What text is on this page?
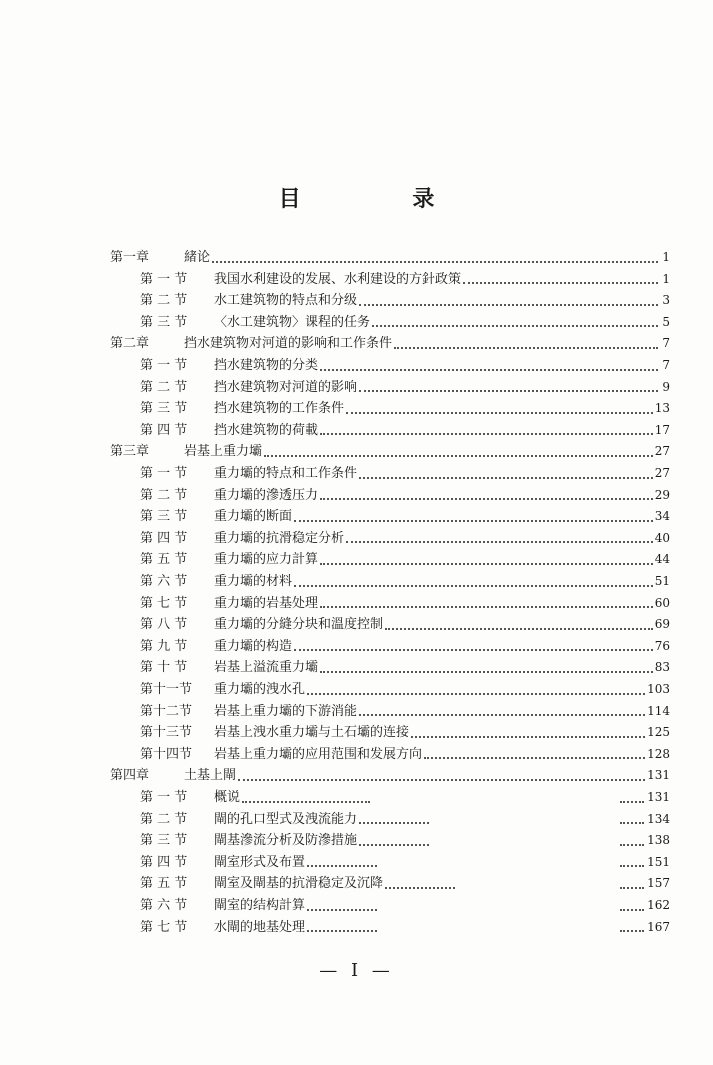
目 录
第一章	緒论	1
第 一 节	我国水利建设的发展、水利建设的方針政策	1
第 二 节	水工建筑物的特点和分级	3
第 三 节	〈水工建筑物〉课程的任务	5
第二章	挡水建筑物对河道的影响和工作条件	7
第 一 节	挡水建筑物的分类	7
第 二 节	挡水建筑物对河道的影响	9
第 三 节	挡水建筑物的工作条件	13
第 四 节	挡水建筑物的荷載	17
第三章	岩基上重力壩	27
第 一 节	重力壩的特点和工作条件	27
第 二 节	重力壩的滲透压力	29
第 三 节	重力壩的断面	34
第 四 节	重力壩的抗滑稳定分析	40
第 五 节	重力壩的应力計算	44
第 六 节	重力壩的材料	51
第 七 节	重力壩的岩基处理	60
第 八 节	重力壩的分縫分块和溫度控制	69
第 九 节	重力壩的构造	76
第 十 节	岩基上溢流重力壩	83
第十一节	重力壩的洩水孔	103
第十二节	岩基上重力壩的下游消能	114
第十三节	岩基上洩水重力壩与土石壩的连接	125
第十四节	岩基上重力壩的应用范围和发展方向	128
第四章	土基上閘	131
第 一 节	概说	131
第 二 节	閘的孔口型式及洩流能力	134
第 三 节	閘基滲流分析及防滲措施	138
第 四 节	閘室形式及布置	151
第 五 节	閘室及閘基的抗滑稳定及沉降	157
第 六 节	閘室的结构計算	162
第 七 节	水閘的地基处理	167
— I —
